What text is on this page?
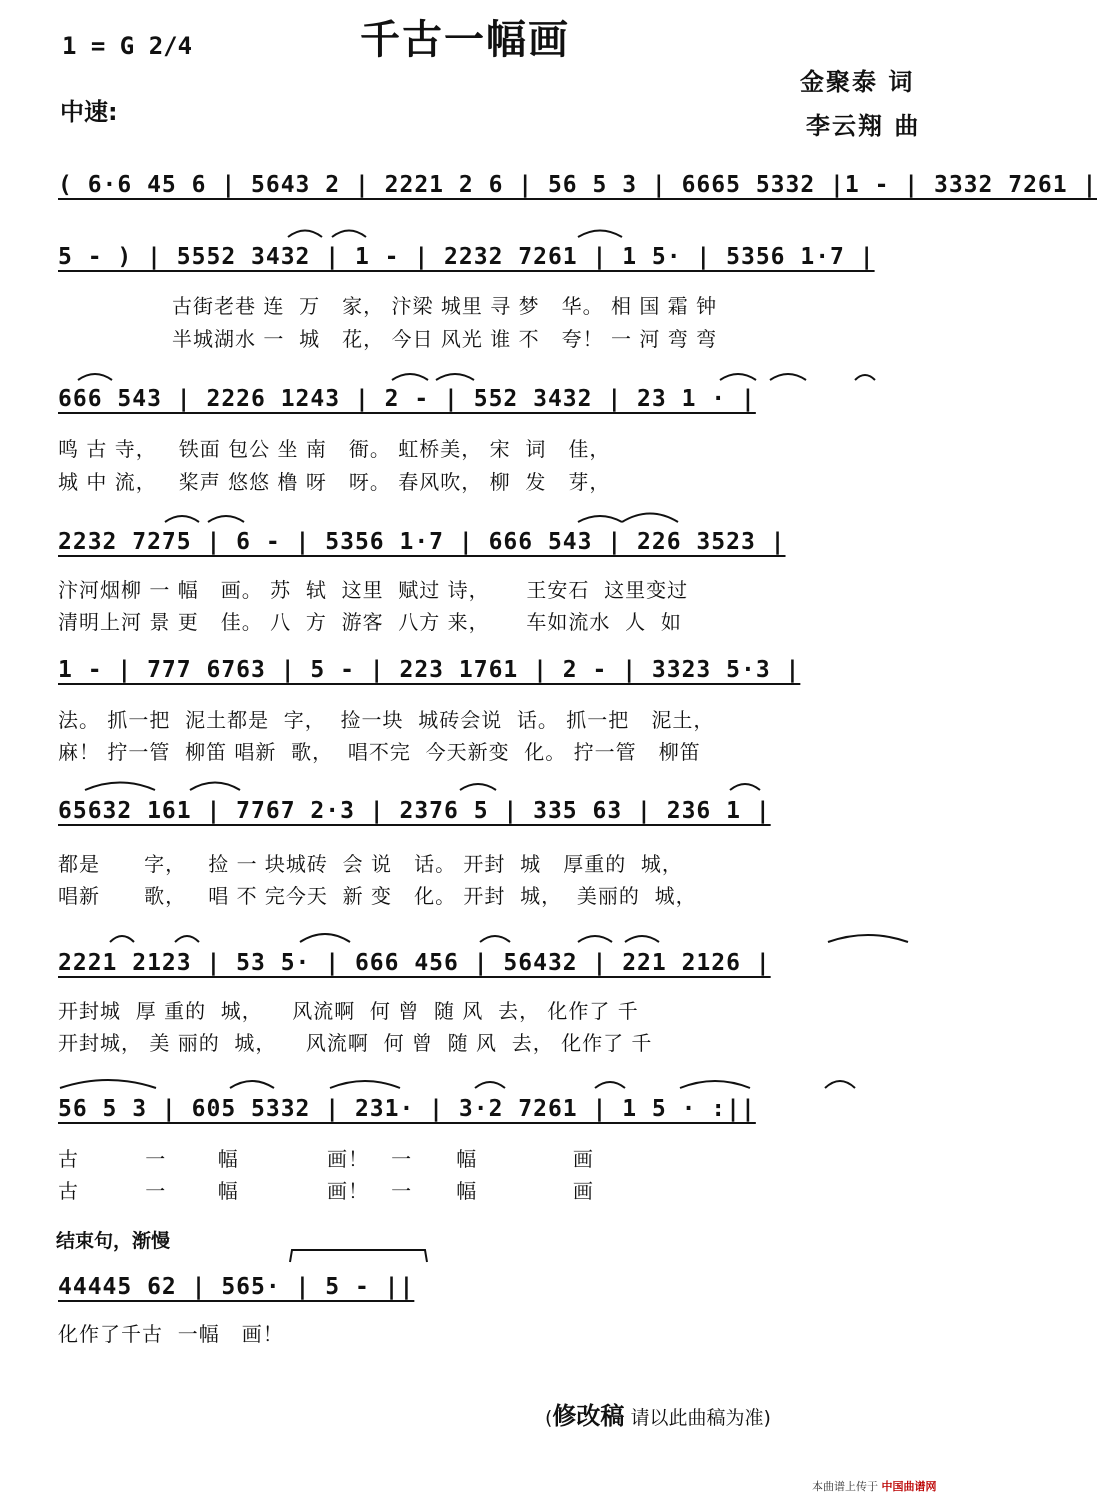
1 = G 2/4
中速:
千古一幅画
金聚泰 词
李云翔 曲
( 6·6 45 6 | 5643 2 | 2221 2 6 | 56 5 3 | 6665 5332 |1 - | 3332 7261 |
5 - ) | 5552 3432 | 1 - | 2232 7261 | 1 5· | 5356 1·7 |
古街老巷 连  万   家， 汴梁 城里 寻 梦   华。 相 国 霜 钟
半城湖水 一  城   花， 今日 风光 谁 不   夸！ 一 河 弯 弯
666 543 | 2226 1243 | 2 - | 552 3432 | 23 1 · |
鸣 古 寺，   铁面 包公 坐 南   衙。 虹桥美， 宋  词   佳，
城 中 流，   桨声 悠悠 橹 呀   呀。 春风吹， 柳  发   芽，
2232 7275 | 6 - | 5356 1·7 | 666 543 | 226 3523 |
汴河烟柳 一 幅   画。 苏  轼  这里  赋过 诗，     王安石  这里变过
清明上河 景 更   佳。 八  方  游客  八方 来，     车如流水  人  如
1 - | 777 6763 | 5 - | 223 1761 | 2 - | 3323 5·3 |
法。 抓一把  泥土都是  字，  捡一块  城砖会说  话。 抓一把   泥土，
麻！ 拧一管  柳笛 唱新  歌，  唱不完  今天新变  化。 拧一管   柳笛
65632 161 | 7767 2·3 | 2376 5 | 335 63 | 236 1 |
都是      字，   捡 一 块城砖  会 说   话。 开封  城   厚重的  城，
唱新      歌，   唱 不 完今天  新 变   化。 开封  城，  美丽的  城，
2221 2123 | 53 5· | 666 456 | 56432 | 221 2126 |
开封城  厚 重的  城，    风流啊  何 曾  随 风  去， 化作了 千
开封城， 美 丽的  城，    风流啊  何 曾  随 风  去， 化作了 千
56 5 3 | 605 5332 | 231· | 3·2 7261 | 1 5 · :||
古         一       幅            画！   一      幅             画
古         一       幅            画！   一      幅             画
结束句，渐慢
44445 62 | 565· | 5 - ||
化作了千古  一幅   画！
(修改稿 请以此曲稿为准)
本曲谱上传于 中国曲谱网
